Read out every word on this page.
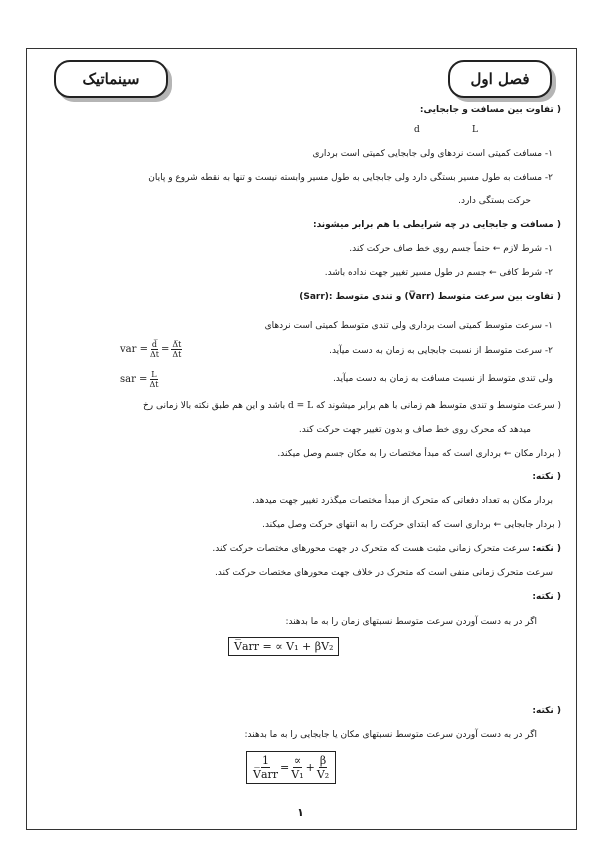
سینماتیک	فصل اول
( تفاوت بین مسافت و جابجایی:
d	L
۱- مسافت کمیتی است نردهای ولی جابجایی کمیتی است برداری
۲- مسافت به طول مسیر بستگی دارد ولی جابجایی به طول مسیر وابسته نیست و تنها به نقطه شروع و پایان
حرکت بستگی دارد.
( مسافت و جابجایی در چه شرایطی با هم برابر میشوند:
۱- شرط لازم ← حتماً جسم روی خط صاف حرکت کند.
۲- شرط کافی ← جسم در طول مسیر تغییر جهت نداده باشد.
( تفاوت بین سرعت متوسط (V̅arr) و تندی متوسط (Sarr):
۱- سرعت متوسط کمیتی است برداری ولی تندی متوسط کمیتی است نردهای
۲- سرعت متوسط از نسبت جابجایی به زمان به دست میآید.
ولی تندی متوسط از نسبت مسافت به زمان به دست میآید.
var = $\frac{d̅}{\Delta t} = \frac{\Delta̅t}{\Delta t}$
sar = $\frac{L}{\Delta t}$
( سرعت متوسط و تندی متوسط هم زمانی با هم برابر میشوند که d = L باشد و این هم طبق نکته بالا زمانی رخ
میدهد که محرک روی خط صاف و بدون تغییر جهت حرکت کند.
( بردار مکان ← برداری است که مبدأ مختصات را به مکان جسم وصل میکند.
( نکته:
بردار مکان به تعداد دفعاتی که متحرک از مبدأ مختصات میگذرد تغییر جهت میدهد.
( بردار جابجایی ← برداری است که ابتدای حرکت را به انتهای حرکت وصل میکند.
( نکته: سرعت متحرک زمانی مثبت هست که متحرک در جهت محورهای مختصات حرکت کند.
سرعت متحرک زمانی منفی است که متحرک در خلاف جهت محورهای مختصات حرکت کند.
( نکته:
اگر در به دست آوردن سرعت متوسط نسبتهای زمان را به ما بدهند:
V̅arr = ∝ V₁ + βV₂
( نکته:
اگر در به دست آوردن سرعت متوسط نسبتهای مکان یا جابجایی را به ما بدهند:
$\frac{1}{\text{V̅arr}} = \frac{\propto}{\text{V₁}} + \frac{\beta}{\text{V₂}}$
۱
